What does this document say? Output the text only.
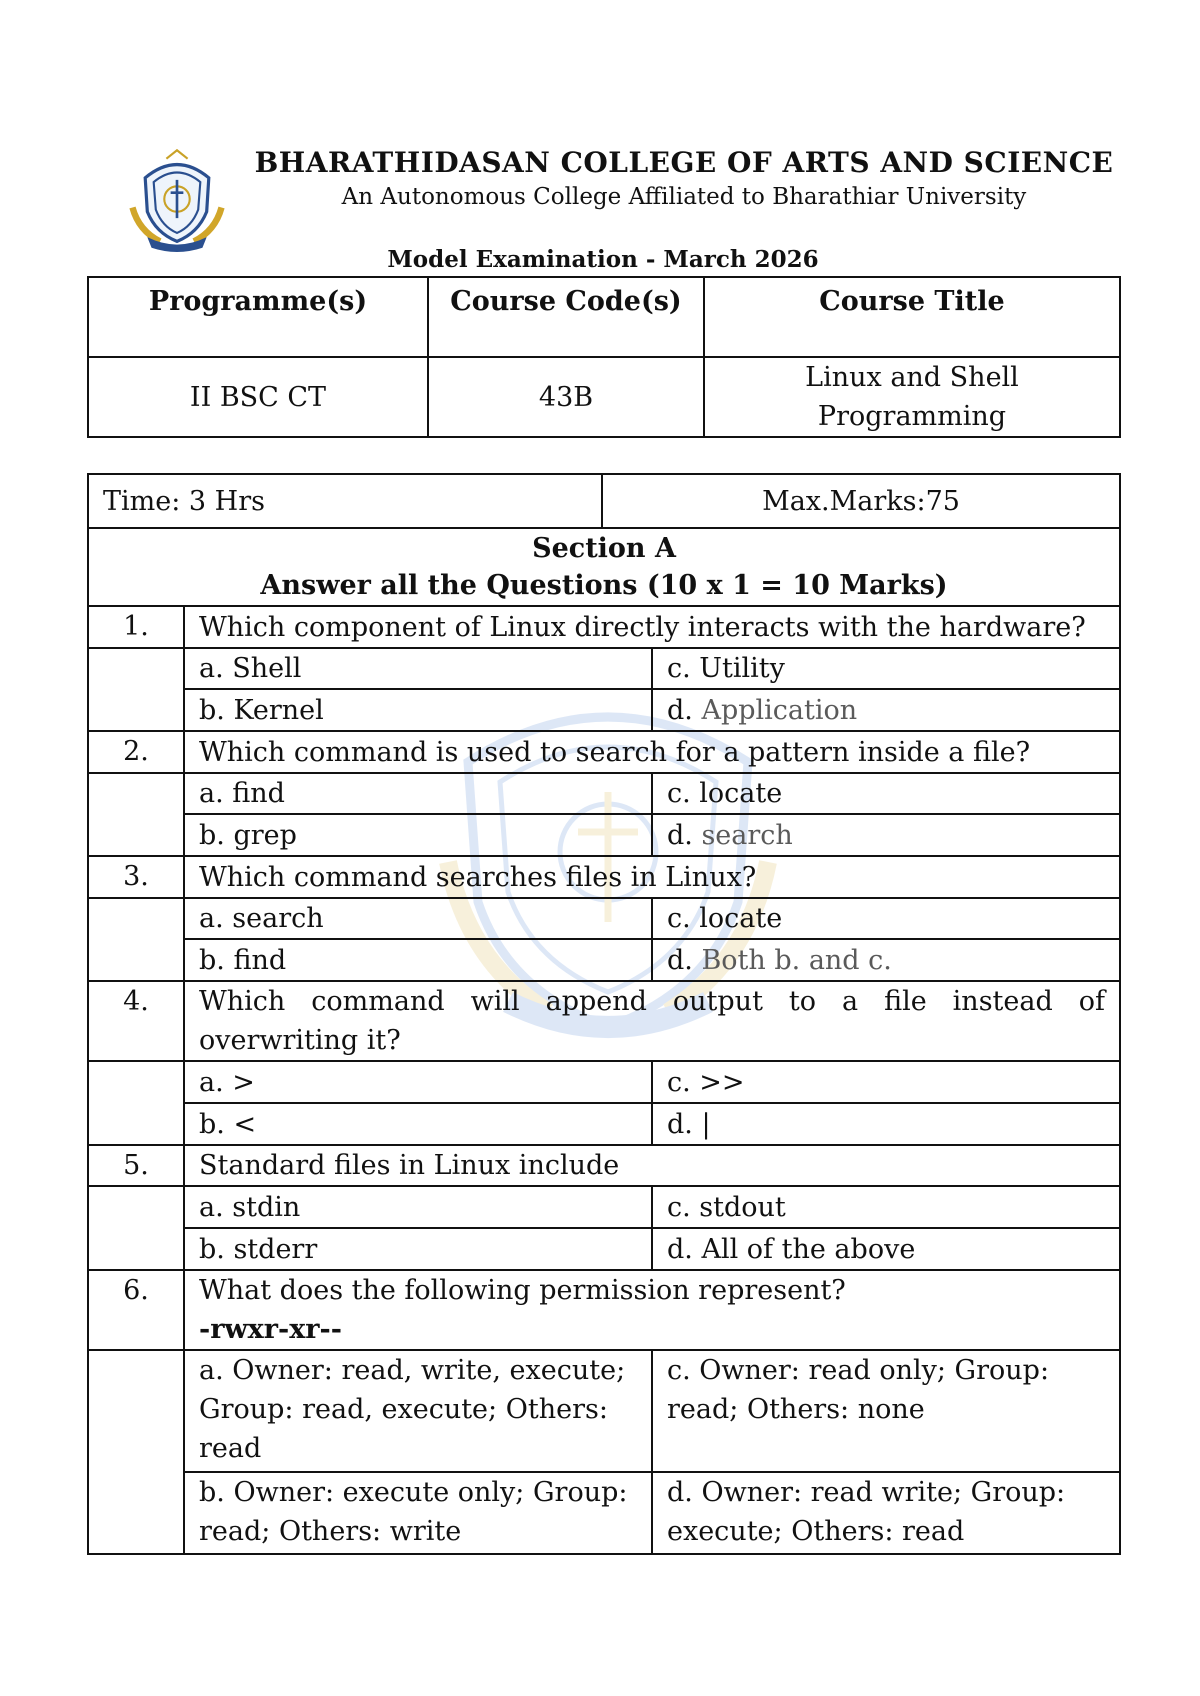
BHARATHIDASAN COLLEGE OF ARTS AND SCIENCE
An Autonomous College Affiliated to Bharathiar University
Model Examination - March 2026
Programme(s)	Course Code(s)	Course Title
II BSC CT	43B	Linux and Shell
Programming
Time: 3 Hrs	Max.Marks:75
Section A
Answer all the Questions (10 x 1 = 10 Marks)		

1.	Which component of Linux directly interacts with the hardware?	
	a. Shell	c. Utility
	b. Kernel	d. Application
2.	Which command is used to search for a pattern inside a file?	
	a. find	c. locate
	b. grep	d. search
3.	Which command searches files in Linux?	
	a. search	c. locate
	b. find	d. Both b. and c.
4.	Which command will append output to a file instead of overwriting it?	
	a. >	c. >>
	b. <	d. |
5.	Standard files in Linux include	
	a. stdin	c. stdout
	b. stderr	d. All of the above
6.	What does the following permission represent?
-rwxr-xr--	

	a. Owner: read, write, execute; Group: read, execute; Others: read	c. Owner: read only; Group: read; Others: none
	b. Owner: execute only; Group: read; Others: write	d. Owner: read write; Group: execute; Others: read
